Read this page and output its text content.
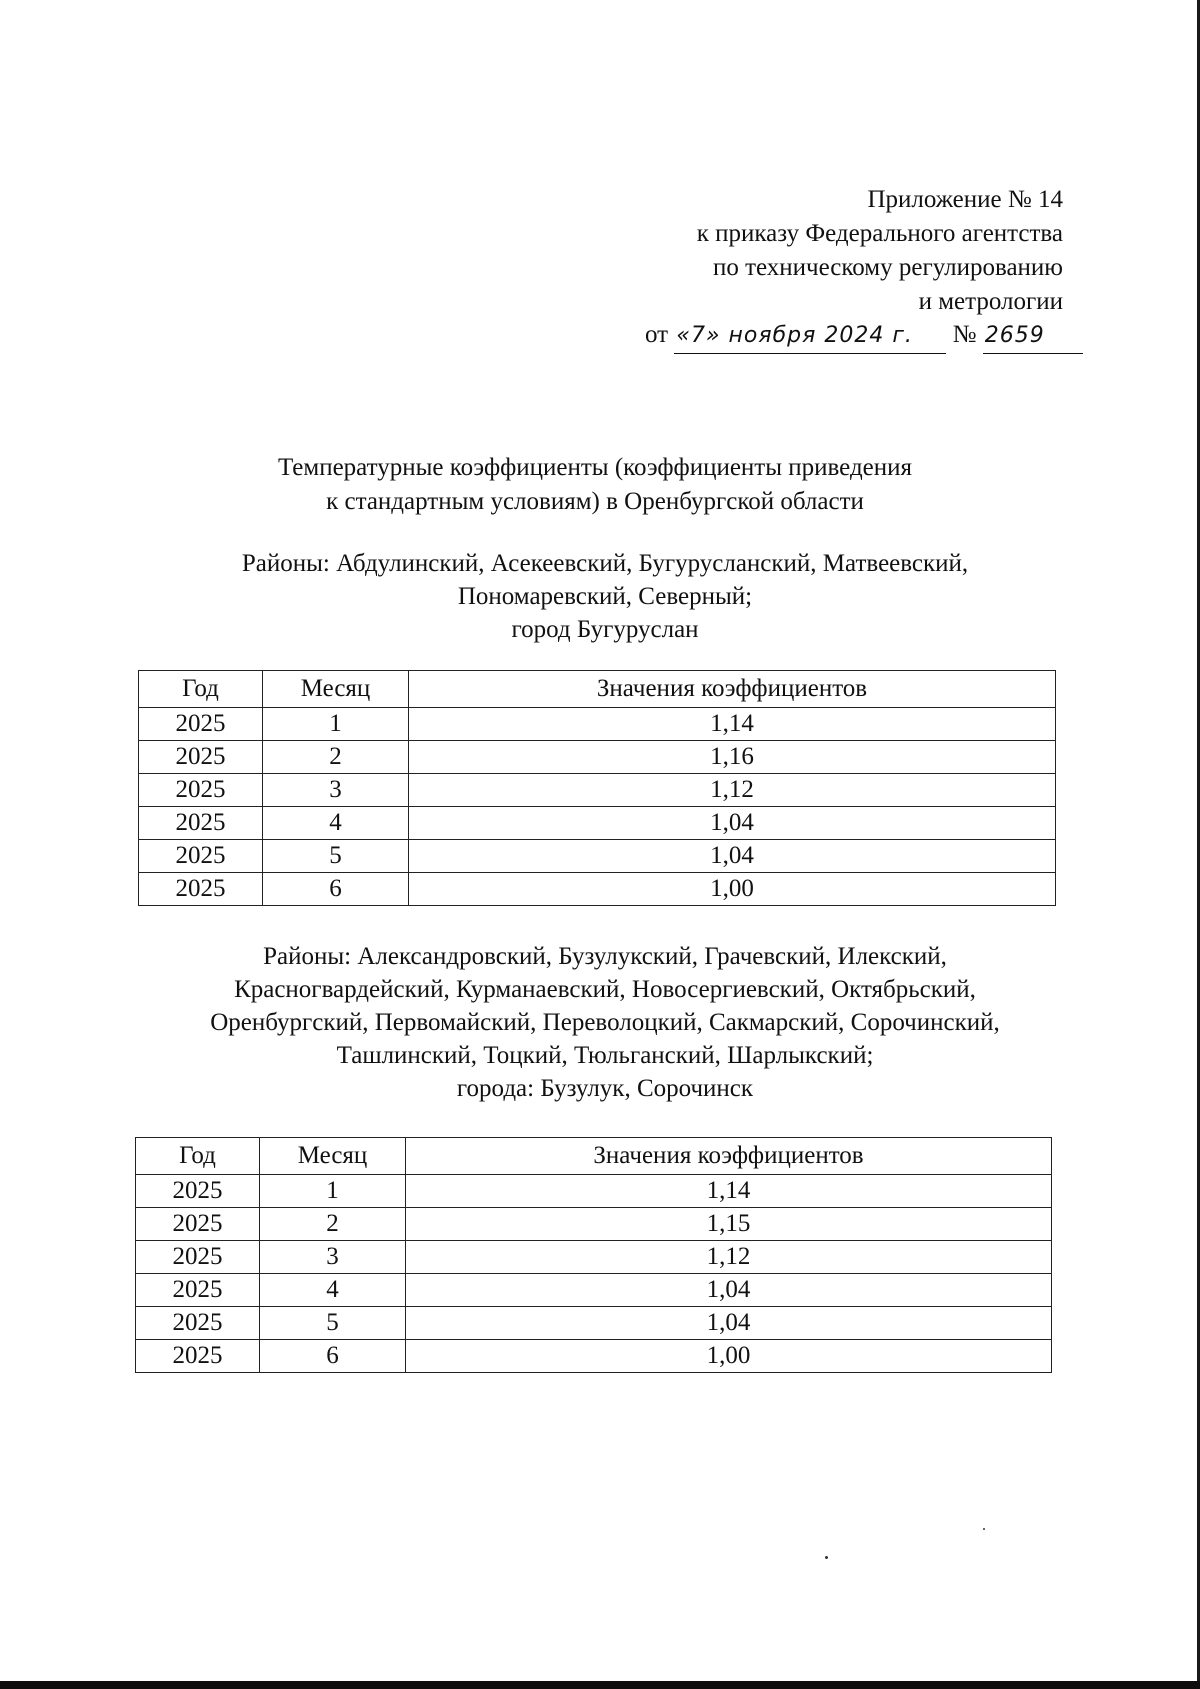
Приложение № 14
к приказу Федерального агентства
по техническому регулированию
и метрологии
от «7» ноября 2024 г. № 2659
Температурные коэффициенты (коэффициенты приведения
к стандартным условиям) в Оренбургской области
Районы: Абдулинский, Асекеевский, Бугурусланский, Матвеевский,
Пономаревский, Северный;
город Бугуруслан
Год	Месяц	Значения коэффициентов
2025	1	1,14
2025	2	1,16
2025	3	1,12
2025	4	1,04
2025	5	1,04
2025	6	1,00
Районы: Александровский, Бузулукский, Грачевский, Илекский,
Красногвардейский, Курманаевский, Новосергиевский, Октябрьский,
Оренбургский, Первомайский, Переволоцкий, Сакмарский, Сорочинский,
Ташлинский, Тоцкий, Тюльганский, Шарлыкский;
города: Бузулук, Сорочинск
Год	Месяц	Значения коэффициентов
2025	1	1,14
2025	2	1,15
2025	3	1,12
2025	4	1,04
2025	5	1,04
2025	6	1,00
